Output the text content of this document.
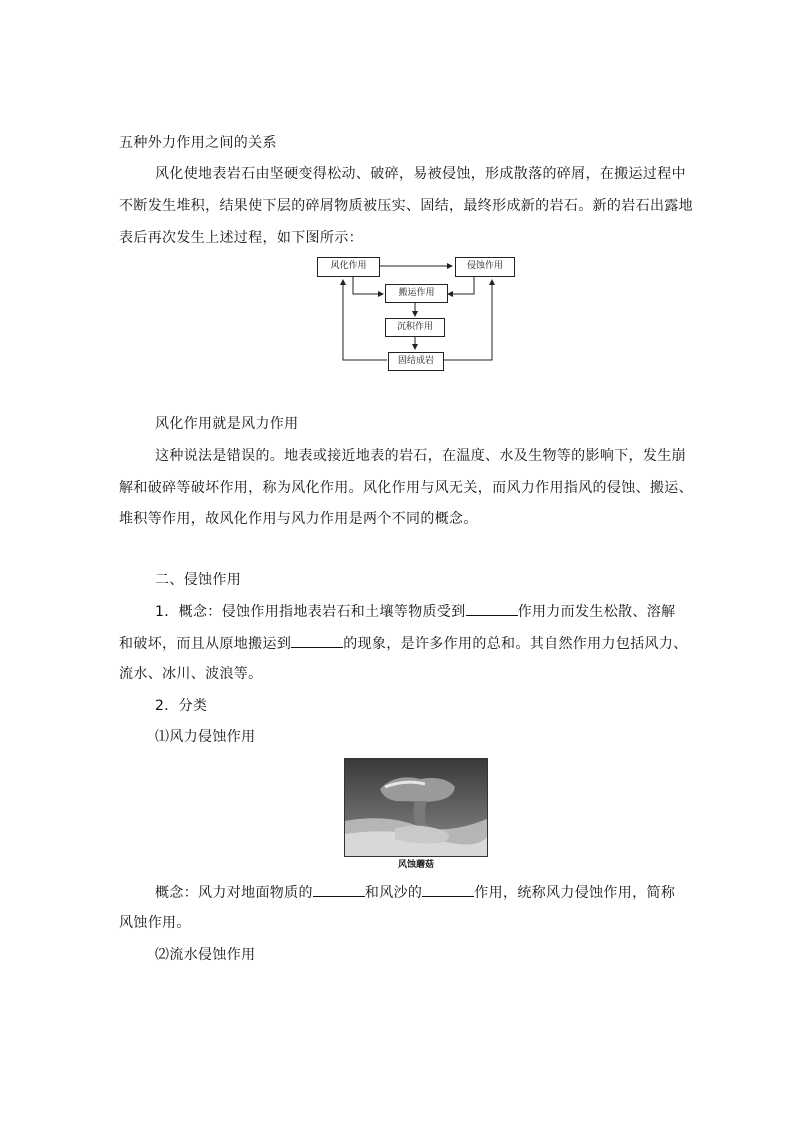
五种外力作用之间的关系
风化使地表岩石由坚硬变得松动、破碎，易被侵蚀，形成散落的碎屑，在搬运过程中
不断发生堆积，结果使下层的碎屑物质被压实、固结，最终形成新的岩石。新的岩石出露地
表后再次发生上述过程，如下图所示：
风化作用	侵蚀作用
搬运作用
沉积作用
固结成岩
风化作用就是风力作用
这种说法是错误的。地表或接近地表的岩石，在温度、水及生物等的影响下，发生崩
解和破碎等破坏作用，称为风化作用。风化作用与风无关，而风力作用指风的侵蚀、搬运、
堆积等作用，故风化作用与风力作用是两个不同的概念。
二、侵蚀作用
1．概念：侵蚀作用指地表岩石和土壤等物质受到	作用力而发生松散、溶解
和破坏，而且从原地搬运到	的现象，是许多作用的总和。其自然作用力包括风力、
流水、冰川、波浪等。
2．分类
⑴风力侵蚀作用
风蚀蘑菇
概念：风力对地面物质的	和风沙的	作用，统称风力侵蚀作用，简称
风蚀作用。
⑵流水侵蚀作用
